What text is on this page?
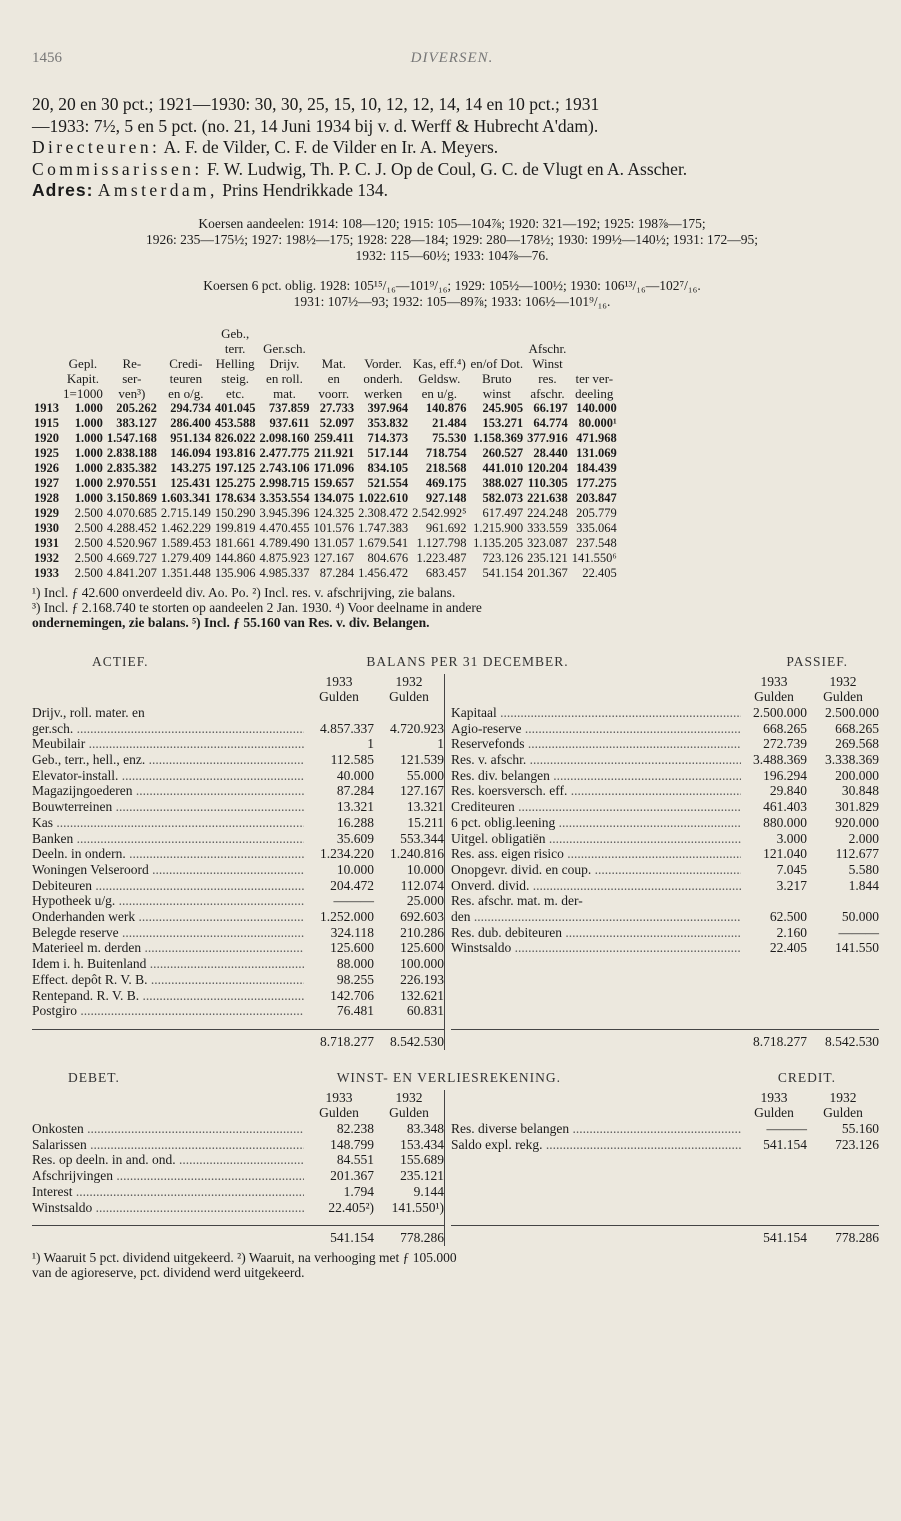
1456	DIVERSEN.

20, 20 en 30 pct.; 1921—1930: 30, 30, 25, 15, 10, 12, 12, 14, 14 en 10 pct.; 1931

—1933: 7½, 5 en 5 pct. (no. 21, 14 Juni 1934 bij v. d. Werff & Hubrecht A'dam).

Directeuren: A. F. de Vilder, C. F. de Vilder en Ir. A. Meyers.

Commissarissen: F. W. Ludwig, Th. P. C. J. Op de Coul, G. C. de Vlugt en A. Asscher.

Adres: Amsterdam, Prins Hendrikkade 134.

Koersen aandeelen: 1914: 108—120; 1915: 105—104⅞; 1920: 321—192; 1925: 198⅞—175;

1926: 235—175½; 1927: 198½—175; 1928: 228—184; 1929: 280—178½; 1930: 199½—140½; 1931: 172—95;

1932: 115—60½; 1933: 104⅞—76.

Koersen 6 pct. oblig. 1928: 105¹⁵/₁₆—101⁹/₁₆; 1929: 105½—100½; 1930: 106¹³/₁₆—102⁷/₁₆.

1931: 107½—93; 1932: 105—89⅞; 1933: 106½—101⁹/₁₆.

				Geb.,							
				terr.	Ger.sch.					Afschr.	
	Gepl.	Re-	Credi-	Helling	Drijv.	Mat.	Vorder.	Kas, eff.⁴)	en/of Dot.	Winst	
	Kapit.	ser-	teuren	steig.	en roll.	en	onderh.	Geldsw.	Bruto	res.	ter ver-
	1=1000	ven³)	en o/g.	etc.	mat.	voorr.	werken	en u/g.	winst	afschr.	deeling
1913	1.000	205.262	294.734	401.045	737.859	27.733	397.964	140.876	245.905	66.197	140.000
1915	1.000	383.127	286.400	453.588	937.611	52.097	353.832	21.484	153.271	64.774	80.000¹
1920	1.000	1.547.168	951.134	826.022	2.098.160	259.411	714.373	75.530	1.158.369	377.916	471.968
1925	1.000	2.838.188	146.094	193.816	2.477.775	211.921	517.144	718.754	260.527	28.440	131.069
1926	1.000	2.835.382	143.275	197.125	2.743.106	171.096	834.105	218.568	441.010	120.204	184.439
1927	1.000	2.970.551	125.431	125.275	2.998.715	159.657	521.554	469.175	388.027	110.305	177.275
1928	1.000	3.150.869	1.603.341	178.634	3.353.554	134.075	1.022.610	927.148	582.073	221.638	203.847
1929	2.500	4.070.685	2.715.149	150.290	3.945.396	124.325	2.308.472	2.542.992⁵	617.497	224.248	205.779
1930	2.500	4.288.452	1.462.229	199.819	4.470.455	101.576	1.747.383	961.692	1.215.900	333.559	335.064
1931	2.500	4.520.967	1.589.453	181.661	4.789.490	131.057	1.679.541	1.127.798	1.135.205	323.087	237.548
1932	2.500	4.669.727	1.279.409	144.860	4.875.923	127.167	804.676	1.223.487	723.126	235.121	141.550⁶
1933	2.500	4.841.207	1.351.448	135.906	4.985.337	87.284	1.456.472	683.457	541.154	201.367	22.405

¹) Incl. ƒ 42.600 onverdeeld div. Ao. Po. ²) Incl. res. v. afschrijving, zie balans.

³) Incl. ƒ 2.168.740 te storten op aandeelen 2 Jan. 1930. ⁴) Voor deelname in andere

ondernemingen, zie balans. ⁵) Incl. ƒ 55.160 van Res. v. div. Belangen.

ACTIEF.	BALANS PER 31 DECEMBER.	PASSIEF.
1933	1932
Gulden	Gulden
Drijv., roll. mater. en
ger.sch. .....	4.857.337	4.720.923
Meubilair .....	1	1
Geb., terr., hell., enz. .....	112.585	121.539
Elevator-install. .....	40.000	55.000
Magazijngoederen .....	87.284	127.167
Bouwterreinen .....	13.321	13.321
Kas .....	16.288	15.211
Banken .....	35.609	553.344
Deeln. in ondern. .....	1.234.220	1.240.816
Woningen Velseroord .....	10.000	10.000
Debiteuren .....	204.472	112.074
Hypotheek u/g. .....	———	25.000
Onderhanden werk .....	1.252.000	692.603
Belegde reserve .....	324.118	210.286
Materieel m. derden .....	125.600	125.600
Idem i. h. Buitenland .....	88.000	100.000
Effect. depôt R. V. B. .....	98.255	226.193
Rentepand. R. V. B. .....	142.706	132.621
Postgiro .....	76.481	60.831
8.718.277	8.542.530
1933	1932
Gulden	Gulden
Kapitaal .....	2.500.000	2.500.000
Agio-reserve .....	668.265	668.265
Reservefonds .....	272.739	269.568
Res. v. afschr. .....	3.488.369	3.338.369
Res. div. belangen .....	196.294	200.000
Res. koersversch. eff. .....	29.840	30.848
Crediteuren .....	461.403	301.829
6 pct. oblig.leening .....	880.000	920.000
Uitgel. obligatiën .....	3.000	2.000
Res. ass. eigen risico .....	121.040	112.677
Onopgevr. divid. en coup. .....	7.045	5.580
Onverd. divid. .....	3.217	1.844
Res. afschr. mat. m. der-
den .....	62.500	50.000
Res. dub. debiteuren .....	2.160	———
Winstsaldo .....	22.405	141.550

8.718.277	8.542.530
DEBET.	WINST- EN VERLIESREKENING.	CREDIT.
1933	1932
Gulden	Gulden
Onkosten .....	82.238	83.348
Salarissen .....	148.799	153.434
Res. op deeln. in and. ond. .....	84.551	155.689
Afschrijvingen .....	201.367	235.121
Interest .....	1.794	9.144
Winstsaldo .....	22.405²)	141.550¹)
541.154	778.286
1933	1932
Gulden	Gulden
Res. diverse belangen .....	———	55.160
Saldo expl. rekg. .....	541.154	723.126

541.154	778.286

¹) Waaruit 5 pct. dividend uitgekeerd. ²) Waaruit, na verhooging met ƒ 105.000

van de agioreserve, pct. dividend werd uitgekeerd.
